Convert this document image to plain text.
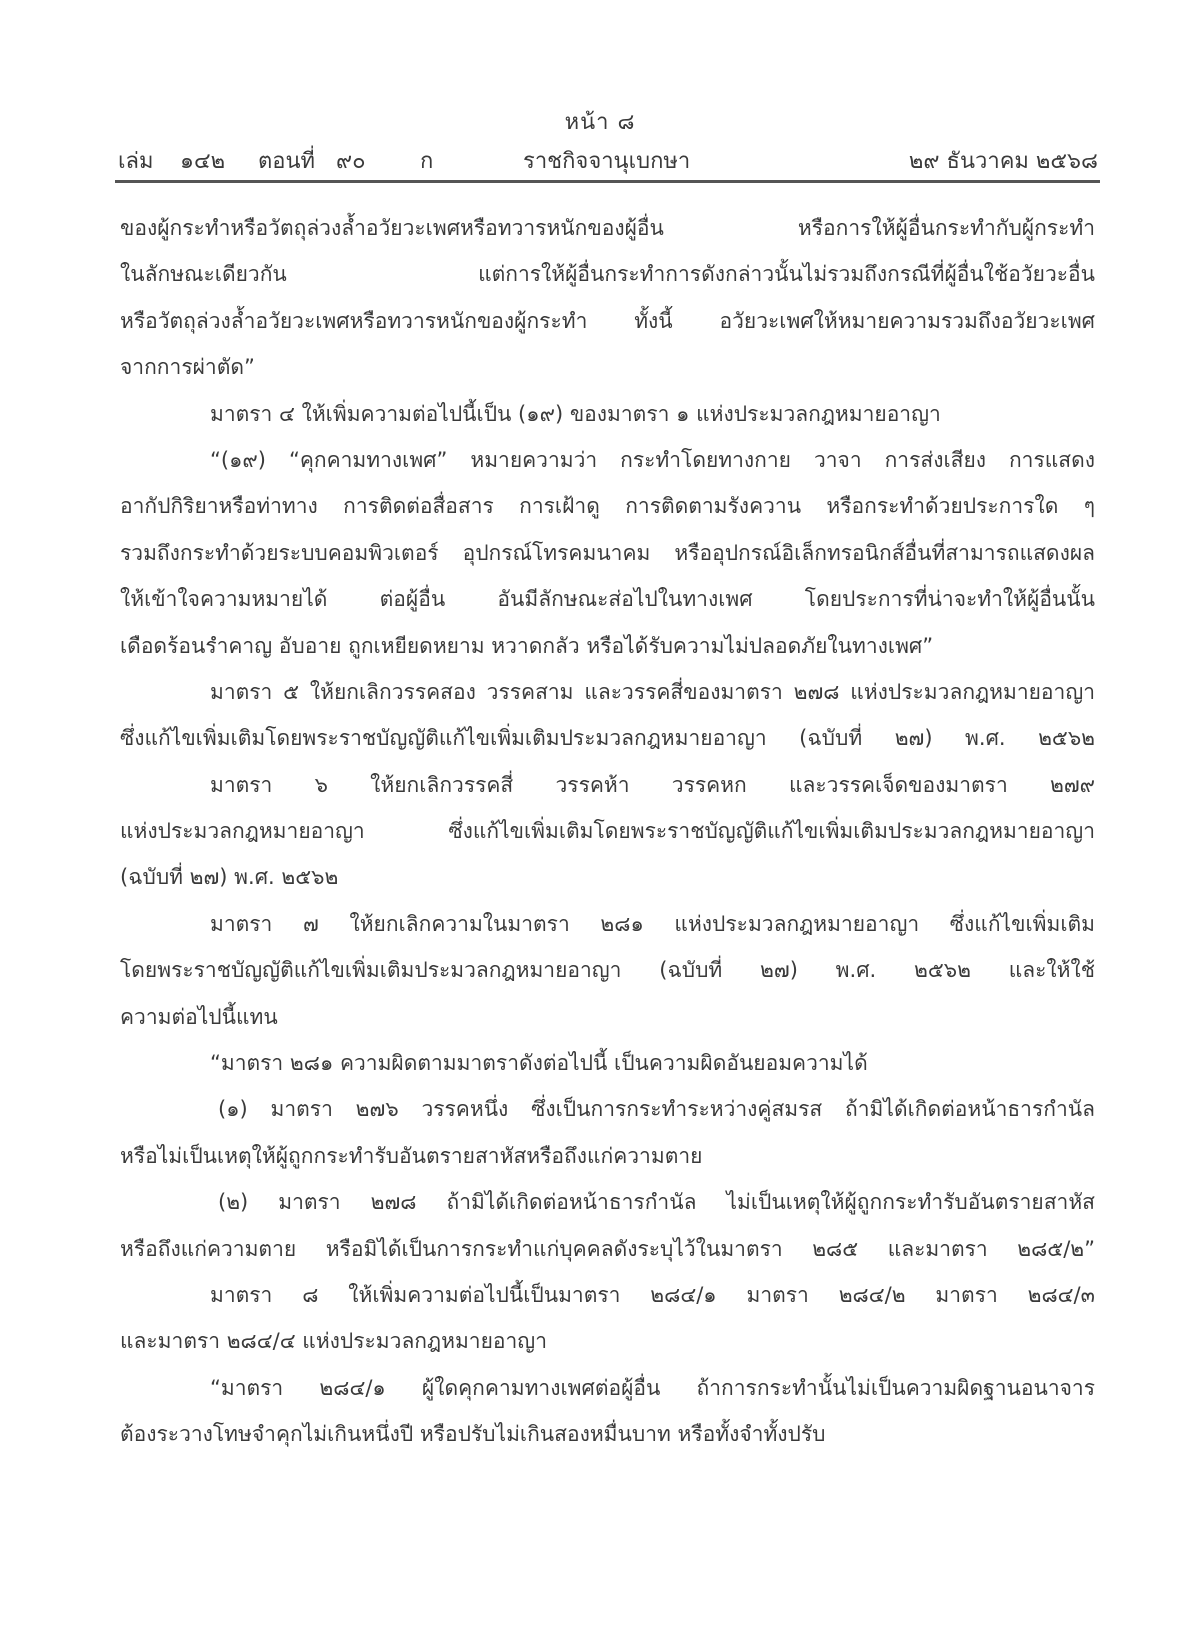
หน้า ๘
เล่ม ๑๔๒ ตอนที่ ๙๐ ก	ราชกิจจานุเบกษา	๒๙ ธันวาคม ๒๕๖๘
ของผู้กระทำหรือวัตถุล่วงล้ำอวัยวะเพศหรือทวารหนักของผู้อื่น หรือการให้ผู้อื่นกระทำกับผู้กระทำ
ในลักษณะเดียวกัน แต่การให้ผู้อื่นกระทำการดังกล่าวนั้นไม่รวมถึงกรณีที่ผู้อื่นใช้อวัยวะอื่น
หรือวัตถุล่วงล้ำอวัยวะเพศหรือทวารหนักของผู้กระทำ ทั้งนี้ อวัยวะเพศให้หมายความรวมถึงอวัยวะเพศ
จากการผ่าตัด”
มาตรา ๔ ให้เพิ่มความต่อไปนี้เป็น (๑๙) ของมาตรา ๑ แห่งประมวลกฎหมายอาญา
“(๑๙) “คุกคามทางเพศ” หมายความว่า กระทำโดยทางกาย วาจา การส่งเสียง การแสดง
อากัปกิริยาหรือท่าทาง การติดต่อสื่อสาร การเฝ้าดู การติดตามรังควาน หรือกระทำด้วยประการใด ๆ
รวมถึงกระทำด้วยระบบคอมพิวเตอร์ อุปกรณ์โทรคมนาคม หรืออุปกรณ์อิเล็กทรอนิกส์อื่นที่สามารถแสดงผล
ให้เข้าใจความหมายได้ ต่อผู้อื่น อันมีลักษณะส่อไปในทางเพศ โดยประการที่น่าจะทำให้ผู้อื่นนั้น
เดือดร้อนรำคาญ อับอาย ถูกเหยียดหยาม หวาดกลัว หรือได้รับความไม่ปลอดภัยในทางเพศ”
มาตรา ๕ ให้ยกเลิกวรรคสอง วรรคสาม และวรรคสี่ของมาตรา ๒๗๘ แห่งประมวลกฎหมายอาญา
ซึ่งแก้ไขเพิ่มเติมโดยพระราชบัญญัติแก้ไขเพิ่มเติมประมวลกฎหมายอาญา (ฉบับที่ ๒๗) พ.ศ. ๒๕๖๒
มาตรา ๖ ให้ยกเลิกวรรคสี่ วรรคห้า วรรคหก และวรรคเจ็ดของมาตรา ๒๗๙
แห่งประมวลกฎหมายอาญา ซึ่งแก้ไขเพิ่มเติมโดยพระราชบัญญัติแก้ไขเพิ่มเติมประมวลกฎหมายอาญา
(ฉบับที่ ๒๗) พ.ศ. ๒๕๖๒
มาตรา ๗ ให้ยกเลิกความในมาตรา ๒๘๑ แห่งประมวลกฎหมายอาญา ซึ่งแก้ไขเพิ่มเติม
โดยพระราชบัญญัติแก้ไขเพิ่มเติมประมวลกฎหมายอาญา (ฉบับที่ ๒๗) พ.ศ. ๒๕๖๒ และให้ใช้
ความต่อไปนี้แทน
“มาตรา ๒๘๑ ความผิดตามมาตราดังต่อไปนี้ เป็นความผิดอันยอมความได้
(๑) มาตรา ๒๗๖ วรรคหนึ่ง ซึ่งเป็นการกระทำระหว่างคู่สมรส ถ้ามิได้เกิดต่อหน้าธารกำนัล
หรือไม่เป็นเหตุให้ผู้ถูกกระทำรับอันตรายสาหัสหรือถึงแก่ความตาย
(๒) มาตรา ๒๗๘ ถ้ามิได้เกิดต่อหน้าธารกำนัล ไม่เป็นเหตุให้ผู้ถูกกระทำรับอันตรายสาหัส
หรือถึงแก่ความตาย หรือมิได้เป็นการกระทำแก่บุคคลดังระบุไว้ในมาตรา ๒๘๕ และมาตรา ๒๘๕/๒”
มาตรา ๘ ให้เพิ่มความต่อไปนี้เป็นมาตรา ๒๘๔/๑ มาตรา ๒๘๔/๒ มาตรา ๒๘๔/๓
และมาตรา ๒๘๔/๔ แห่งประมวลกฎหมายอาญา
“มาตรา ๒๘๔/๑ ผู้ใดคุกคามทางเพศต่อผู้อื่น ถ้าการกระทำนั้นไม่เป็นความผิดฐานอนาจาร
ต้องระวางโทษจำคุกไม่เกินหนึ่งปี หรือปรับไม่เกินสองหมื่นบาท หรือทั้งจำทั้งปรับ
